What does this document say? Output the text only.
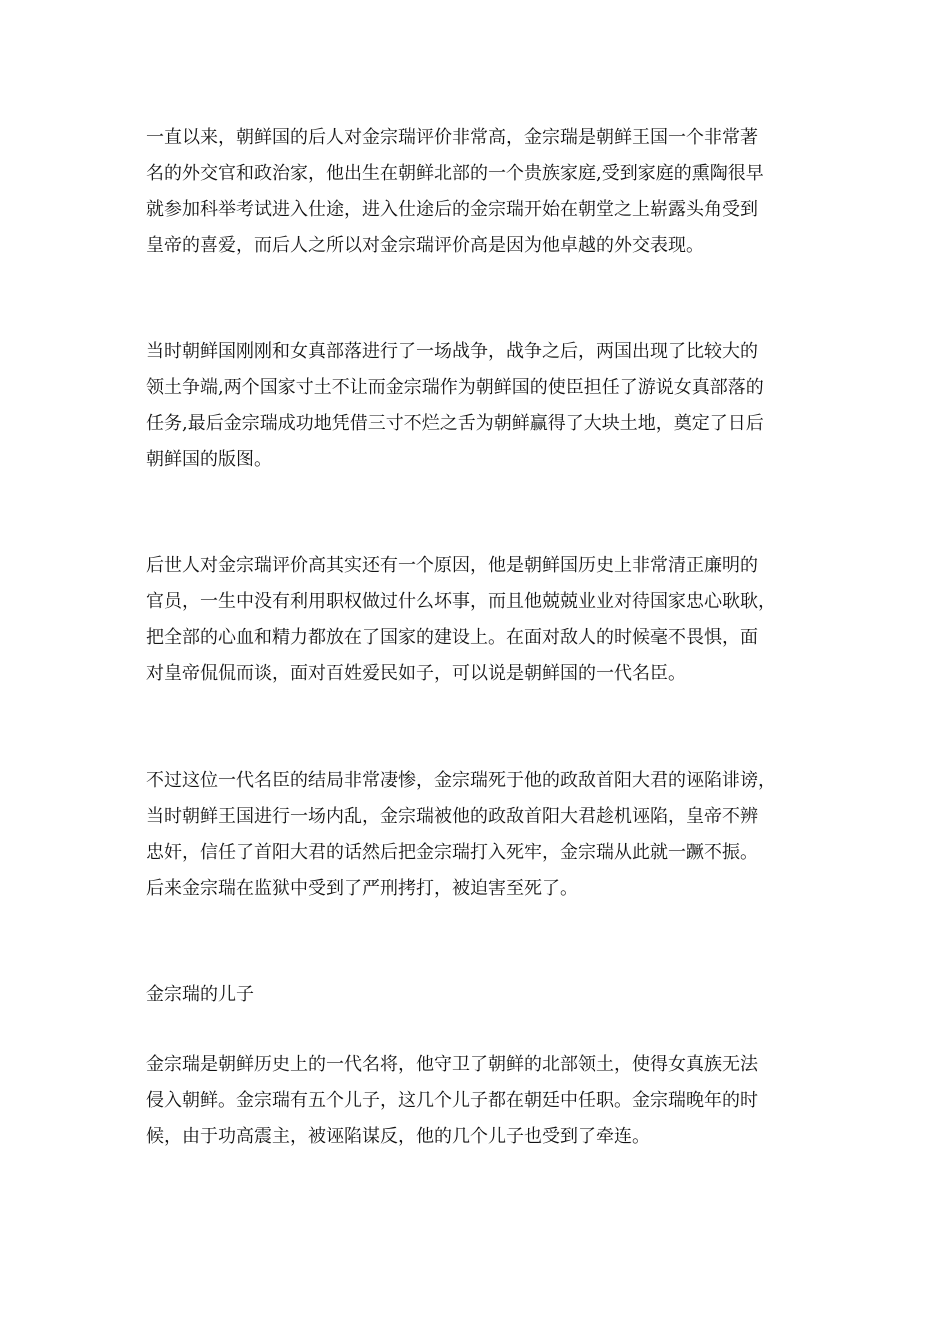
一直以来，朝鲜国的后人对金宗瑞评价非常高，金宗瑞是朝鲜王国一个非常著
名的外交官和政治家，他出生在朝鲜北部的一个贵族家庭,受到家庭的熏陶很早
就参加科举考试进入仕途，进入仕途后的金宗瑞开始在朝堂之上崭露头角受到
皇帝的喜爱，而后人之所以对金宗瑞评价高是因为他卓越的外交表现。
当时朝鲜国刚刚和女真部落进行了一场战争，战争之后，两国出现了比较大的
领土争端,两个国家寸土不让而金宗瑞作为朝鲜国的使臣担任了游说女真部落的
任务,最后金宗瑞成功地凭借三寸不烂之舌为朝鲜赢得了大块土地，奠定了日后
朝鲜国的版图。
后世人对金宗瑞评价高其实还有一个原因，他是朝鲜国历史上非常清正廉明的
官员，一生中没有利用职权做过什么坏事，而且他兢兢业业对待国家忠心耿耿，
把全部的心血和精力都放在了国家的建设上。在面对敌人的时候毫不畏惧，面
对皇帝侃侃而谈，面对百姓爱民如子，可以说是朝鲜国的一代名臣。
不过这位一代名臣的结局非常凄惨，金宗瑞死于他的政敌首阳大君的诬陷诽谤，
当时朝鲜王国进行一场内乱，金宗瑞被他的政敌首阳大君趁机诬陷，皇帝不辨
忠奸，信任了首阳大君的话然后把金宗瑞打入死牢，金宗瑞从此就一蹶不振。
后来金宗瑞在监狱中受到了严刑拷打，被迫害至死了。
金宗瑞的儿子
金宗瑞是朝鲜历史上的一代名将，他守卫了朝鲜的北部领土，使得女真族无法
侵入朝鲜。金宗瑞有五个儿子，这几个儿子都在朝廷中任职。金宗瑞晚年的时
候，由于功高震主，被诬陷谋反，他的几个儿子也受到了牵连。
